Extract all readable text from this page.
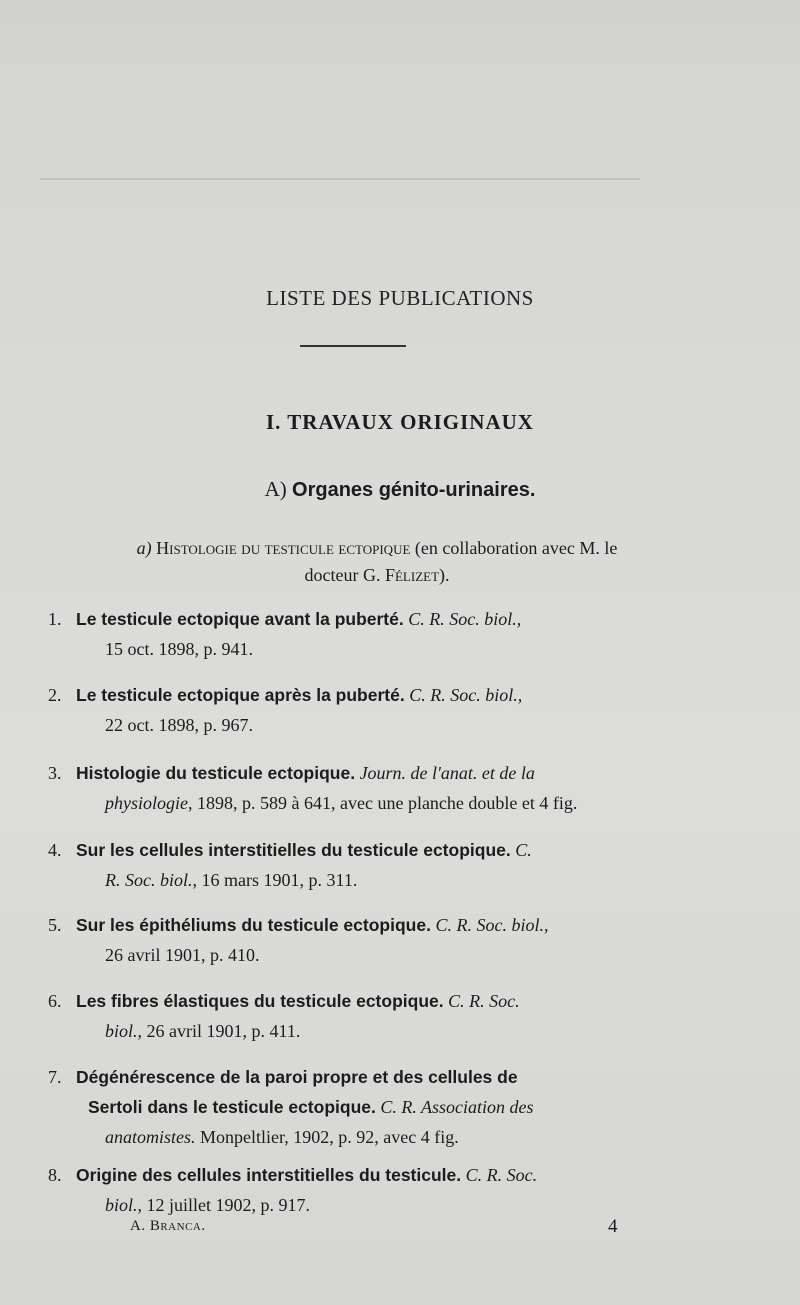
LISTE DES PUBLICATIONS
I. TRAVAUX ORIGINAUX
A) Organes génito-urinaires.
a) Histologie du testicule ectopique (en collaboration avec M. le
docteur G. Félizet).
1. Le testicule ectopique avant la puberté. C. R. Soc. biol.,
15 oct. 1898, p. 941.
2. Le testicule ectopique après la puberté. C. R. Soc. biol.,
22 oct. 1898, p. 967.
3. Histologie du testicule ectopique. Journ. de l'anat. et de la
physiologie, 1898, p. 589 à 641, avec une planche double et 4 fig.
4. Sur les cellules interstitielles du testicule ectopique. C.
R. Soc. biol., 16 mars 1901, p. 311.
5. Sur les épithéliums du testicule ectopique. C. R. Soc. biol.,
26 avril 1901, p. 410.
6. Les fibres élastiques du testicule ectopique. C. R. Soc.
biol., 26 avril 1901, p. 411.
7. Dégénérescence de la paroi propre et des cellules de
Sertoli dans le testicule ectopique. C. R. Association des
anatomistes. Monpeltlier, 1902, p. 92, avec 4 fig.
8. Origine des cellules interstitielles du testicule. C. R. Soc.
biol., 12 juillet 1902, p. 917.
A. Branca.	4
